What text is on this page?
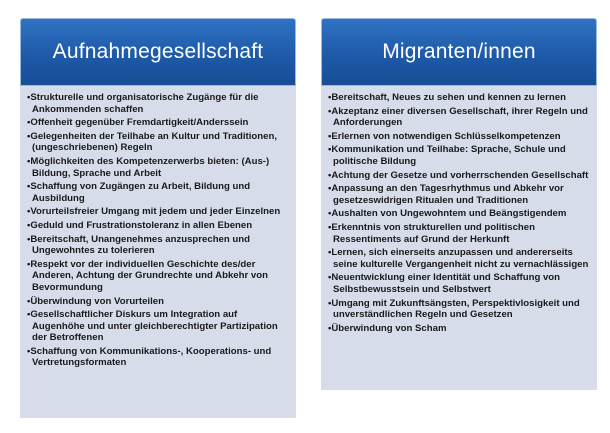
Aufnahmegesellschaft
• Strukturelle und organisatorische Zugänge für die Ankommenden schaffen
• Offenheit gegenüber Fremdartigkeit/Anderssein
• Gelegenheiten der Teilhabe an Kultur und Traditionen, (ungeschriebenen) Regeln
• Möglichkeiten des Kompetenzerwerbs bieten: (Aus-) Bildung, Sprache und Arbeit
• Schaffung von Zugängen zu Arbeit, Bildung und Ausbildung
• Vorurteilsfreier Umgang mit jedem und jeder Einzelnen
• Geduld und Frustrationstoleranz in allen Ebenen
• Bereitschaft, Unangenehmes anzusprechen und Ungewohntes zu tolerieren
• Respekt vor der individuellen Geschichte des/der Anderen, Achtung der Grundrechte und Abkehr von Bevormundung
• Überwindung von Vorurteilen
• Gesellschaftlicher Diskurs um Integration auf Augenhöhe und unter gleichberechtigter Partizipation der Betroffenen
• Schaffung von Kommunikations-, Kooperations- und Vertretungsformaten
Migranten/innen
• Bereitschaft, Neues zu sehen und kennen zu lernen
• Akzeptanz einer diversen Gesellschaft, ihrer Regeln und Anforderungen
• Erlernen von notwendigen Schlüsselkompetenzen
• Kommunikation und Teilhabe: Sprache, Schule und politische Bildung
• Achtung der Gesetze und vorherrschenden Gesellschaft
• Anpassung an den Tagesrhythmus und Abkehr vor gesetzeswidrigen Ritualen und Traditionen
• Aushalten von Ungewohntem und Beängstigendem
• Erkenntnis von strukturellen und politischen Ressentiments auf Grund der Herkunft
• Lernen, sich einerseits anzupassen und andererseits seine kulturelle Vergangenheit nicht zu vernachlässigen
• Neuentwicklung einer Identität und Schaffung von Selbstbewusstsein und Selbstwert
• Umgang mit Zukunftsängsten, Perspektivlosigkeit und unverständlichen Regeln und Gesetzen
• Überwindung von Scham
